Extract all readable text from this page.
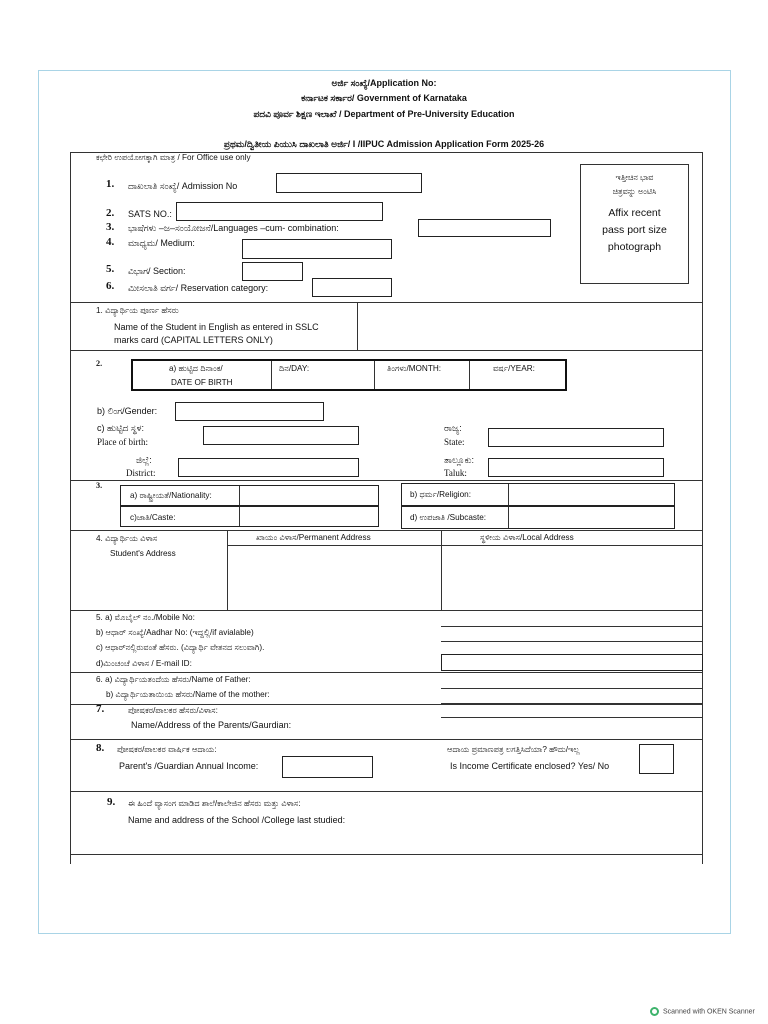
ಅರ್ಜಿ ಸಂಖ್ಯೆ/Application No:
ಕರ್ನಾಟಕ ಸರ್ಕಾರ/ Government of Karnataka
ಪದವಿ ಪೂರ್ವ ಶಿಕ್ಷಣ ಇಲಾಖೆ / Department of Pre-University Education
ಪ್ರಥಮ/ದ್ವಿತೀಯ ಪಿಯುಸಿ ದಾಖಲಾತಿ ಅರ್ಜಿ/ I /IIPUC Admission Application Form 2025-26
ಕಛೇರಿ ಉಪಯೋಗಕ್ಕಾಗಿ ಮಾತ್ರ / For Office use only
1. ದಾಖಲಾತಿ ಸಂಖ್ಯೆ/ Admission No
2. SATS NO.:
3. ಭಾಷೆಗಳು –ಜ–ಸಂಯೋಜನೆ/Languages –cum- combination:
4. ಮಾಧ್ಯಮ/ Medium:
5. ವಿಭಾಗ/ Section:
6. ಮೀಸಲಾತಿ ವರ್ಗ/ Reservation category:
ಇತ್ತೀಚಿನ ಭಾವ
ಚಿತ್ರವನ್ನು ಅಂಟಿಸಿ
Affix recent
pass port size
photograph
1. ವಿದ್ಯಾರ್ಥಿಯ ಪೂರ್ಣ ಹೆಸರು
Name of the Student in English as entered in SSLC
marks card (CAPITAL LETTERS ONLY)
2.
a) ಹುಟ್ಟಿದ ದಿನಾಂಕ/
DATE OF BIRTH
ದಿನ/DAY:	ತಿಂಗಳು/MONTH:	ವರ್ಷ/YEAR:
b) ಲಿಂಗ/Gender:
c) ಹುಟ್ಟಿದ ಸ್ಥಳ:
Place of birth:
ರಾಜ್ಯ:
State:
ಜಿಲ್ಲೆ:
District:
ತಾಲ್ಲೂಕು:
Taluk:
3.
a) ರಾಷ್ಟ್ರೀಯತೆ/Nationality:
c)ಜಾತಿ/Caste:
b) ಧರ್ಮ/Religion:
d) ಉಪಜಾತಿ /Subcaste:
4. ವಿದ್ಯಾರ್ಥಿಯ ವಿಳಾಸ
Student's Address
ಖಾಯಂ ವಿಳಾಸ/Permanent Address	ಸ್ಥಳೀಯ ವಿಳಾಸ/Local Address
5. a) ಮೊಬೈಲ್ ನಂ./Mobile No:
b) ಆಧಾರ್ ಸಂಖ್ಯೆ/Aadhar No: (ಇದ್ದಲ್ಲಿ/if avialable)
c) ಆಧಾರ್‌ನಲ್ಲಿರುವಂತೆ ಹೆಸರು. (ವಿದ್ಯಾರ್ಥಿ ವೇತನದ ಸಲುವಾಗಿ).
d)ಮಿಂಚಂಚೆ ವಿಳಾಸ / E-mail ID:
6. a) ವಿದ್ಯಾರ್ಥಿಯತಂದೆಯ ಹೆಸರು/Name of Father:
b) ವಿದ್ಯಾರ್ಥಿಯತಾಯಿಯ ಹೆಸರು/Name of the mother:
7.	ಪೋಷಕರ/ಪಾಲಕರ ಹೆಸರು/ವಿಳಾಸ:
Name/Address of the Parents/Gaurdian:
8. ಪೋಷಕರ/ಪಾಲಕರ ವಾರ್ಷಿಕ ಆದಾಯ:
Parent's /Guardian Annual Income:
ಆದಾಯ ಪ್ರಮಾಣಪತ್ರ ಲಗತ್ತಿಸಿದೆಯಾ? ಹೌದು/ಇಲ್ಲ
Is Income Certificate enclosed? Yes/ No
9. ಈ ಹಿಂದೆ ವ್ಯಾಸಂಗ ಮಾಡಿದ ಶಾಲೆ/ಕಾಲೇಜಿನ ಹೆಸರು ಮತ್ತು ವಿಳಾಸ:
Name and address of the School /College last studied:
Scanned with OKEN Scanner
